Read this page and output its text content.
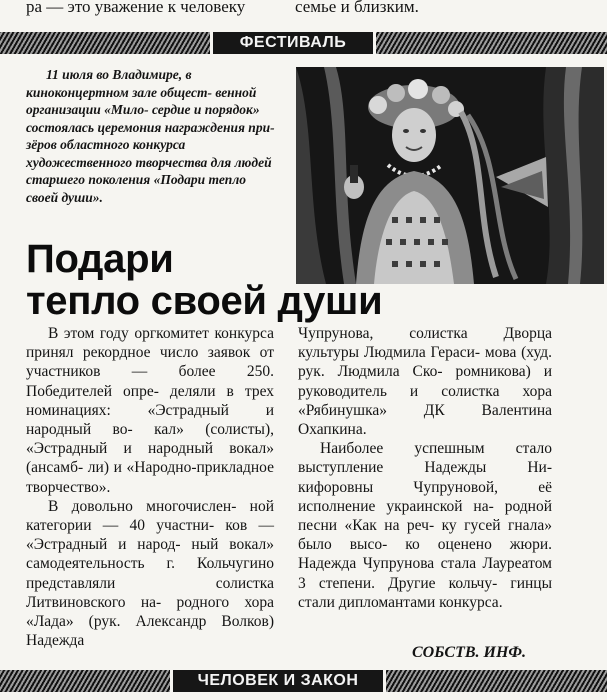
ра — это уважение к человеку	семье и близким.
ФЕСТИВАЛЬ
11 июля во Владимире, в
киноконцертном зале общест- венной организации «Мило- сердие и порядок» состоялась церемония награждения при- зёров областного конкурса художественного творчества для людей старшего поколения «Подари тепло своей души».
Подари
тепло своей души

В этом году оргкомитет конкурса принял рекордное число заявок от участников — более 250. Победителей опре- деляли в трех номинациях: «Эстрадный и народный во- кал» (солисты), «Эстрадный и народный вокал» (ансамб- ли) и «Народно-прикладное творчество».

В довольно многочислен- ной категории — 40 участни- ков — «Эстрадный и народ- ный вокал» самодеятельность г. Кольчугино представляли солистка Литвиновского на- родного хора «Лада» (рук. Александр Волков) Надежда

Чупрунова, солистка Дворца культуры Людмила Гераси- мова (худ. рук. Людмила Ско- ромникова) и руководитель и солистка хора «Рябинушка» ДК Валентина Охапкина.

Наиболее успешным стало выступление Надежды Ни- кифоровны Чупруновой, её исполнение украинской на- родной песни «Как на реч- ку гусей гнала» было высо- ко оценено жюри. Надежда Чупрунова стала Лауреатом 3 степени. Другие кольчу- гинцы стали дипломантами конкурса.

СОБСТВ. ИНФ.
ЧЕЛОВЕК И ЗАКОН
